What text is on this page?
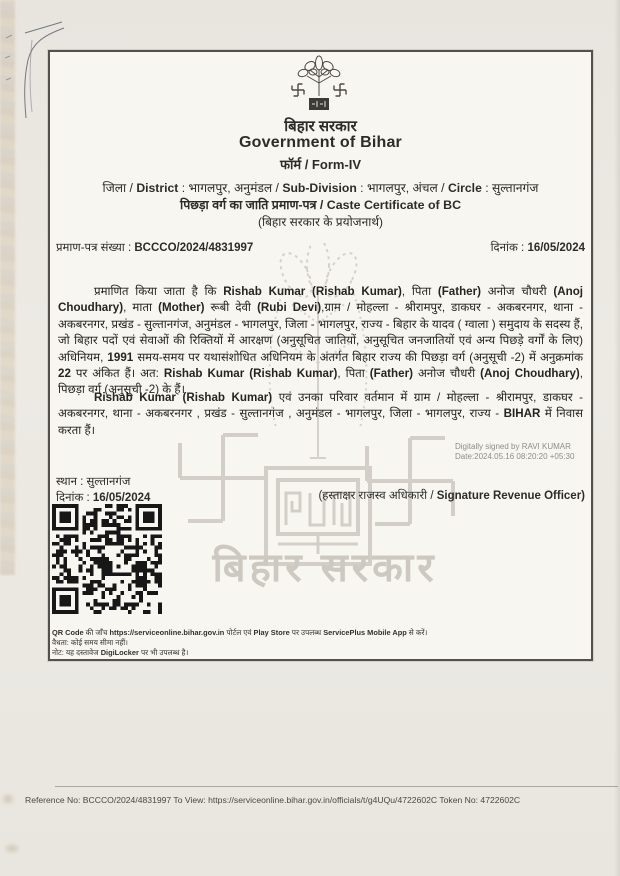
बिहार सरकार
बिहार सरकार
Government of Bihar
फॉर्म / Form-IV
जिला / District : भागलपुर, अनुमंडल / Sub-Division : भागलपुर, अंचल / Circle : सुल्तानगंज
पिछड़ा वर्ग का जाति प्रमाण-पत्र / Caste Certificate of BC
(बिहार सरकार के प्रयोजनार्थ)
प्रमाण-पत्र संख्या : BCCCO/2024/4831997	दिनांक : 16/05/2024
प्रमाणित किया जाता है कि Rishab Kumar (Rishab Kumar), पिता (Father) अनोज चौधरी (Anoj Choudhary), माता (Mother) रूबी देवी (Rubi Devi),ग्राम / मोहल्ला - श्रीरामपुर, डाकघर - अकबरनगर, थाना - अकबरनगर, प्रखंड - सुल्तानगंज, अनुमंडल - भागलपुर, जिला - भागलपुर, राज्य - बिहार के यादव ( ग्वाला ) समुदाय के सदस्य हैं, जो बिहार पदों एवं सेवाओं की रिक्तियों में आरक्षण (अनुसूचित जातियों, अनुसूचित जनजातियों एवं अन्य पिछड़े वर्गों के लिए) अधिनियम, 1991 समय-समय पर यथासंशोधित अधिनियम के अंतर्गत बिहार राज्य की पिछड़ा वर्ग (अनुसूची -2) में अनुक्रमांक 22 पर अंकित हैं। अत: Rishab Kumar (Rishab Kumar), पिता (Father) अनोज चौधरी (Anoj Choudhary), पिछड़ा वर्ग (अनुसूची -2) के हैं।
Rishab Kumar (Rishab Kumar) एवं उनका परिवार वर्तमान में ग्राम / मोहल्ला - श्रीरामपुर, डाकघर - अकबरनगर, थाना - अकबरनगर , प्रखंड - सुल्तानगंज , अनुमंडल - भागलपुर, जिला - भागलपुर, राज्य - BIHAR में निवास करता हैं।
Digitally signed by RAVI KUMAR
Date:2024.05.16 08:20:20 +05:30
स्थान : सुल्तानगंज
दिनांक : 16/05/2024	(हस्ताक्षर राजस्व अधिकारी / Signature Revenue Officer)
QR Code की जाँच https://serviceonline.bihar.gov.in पोर्टल एवं Play Store पर उपलब्ध ServicePlus Mobile App से करें।
वैधता: कोई समय सीमा नहीं।
नोट: यह दस्तावेज DigiLocker पर भी उपलब्ध है।
Reference No: BCCCO/2024/4831997 To View: https://serviceonline.bihar.gov.in/officials/t/g4UQu/4722602C Token No: 4722602C
